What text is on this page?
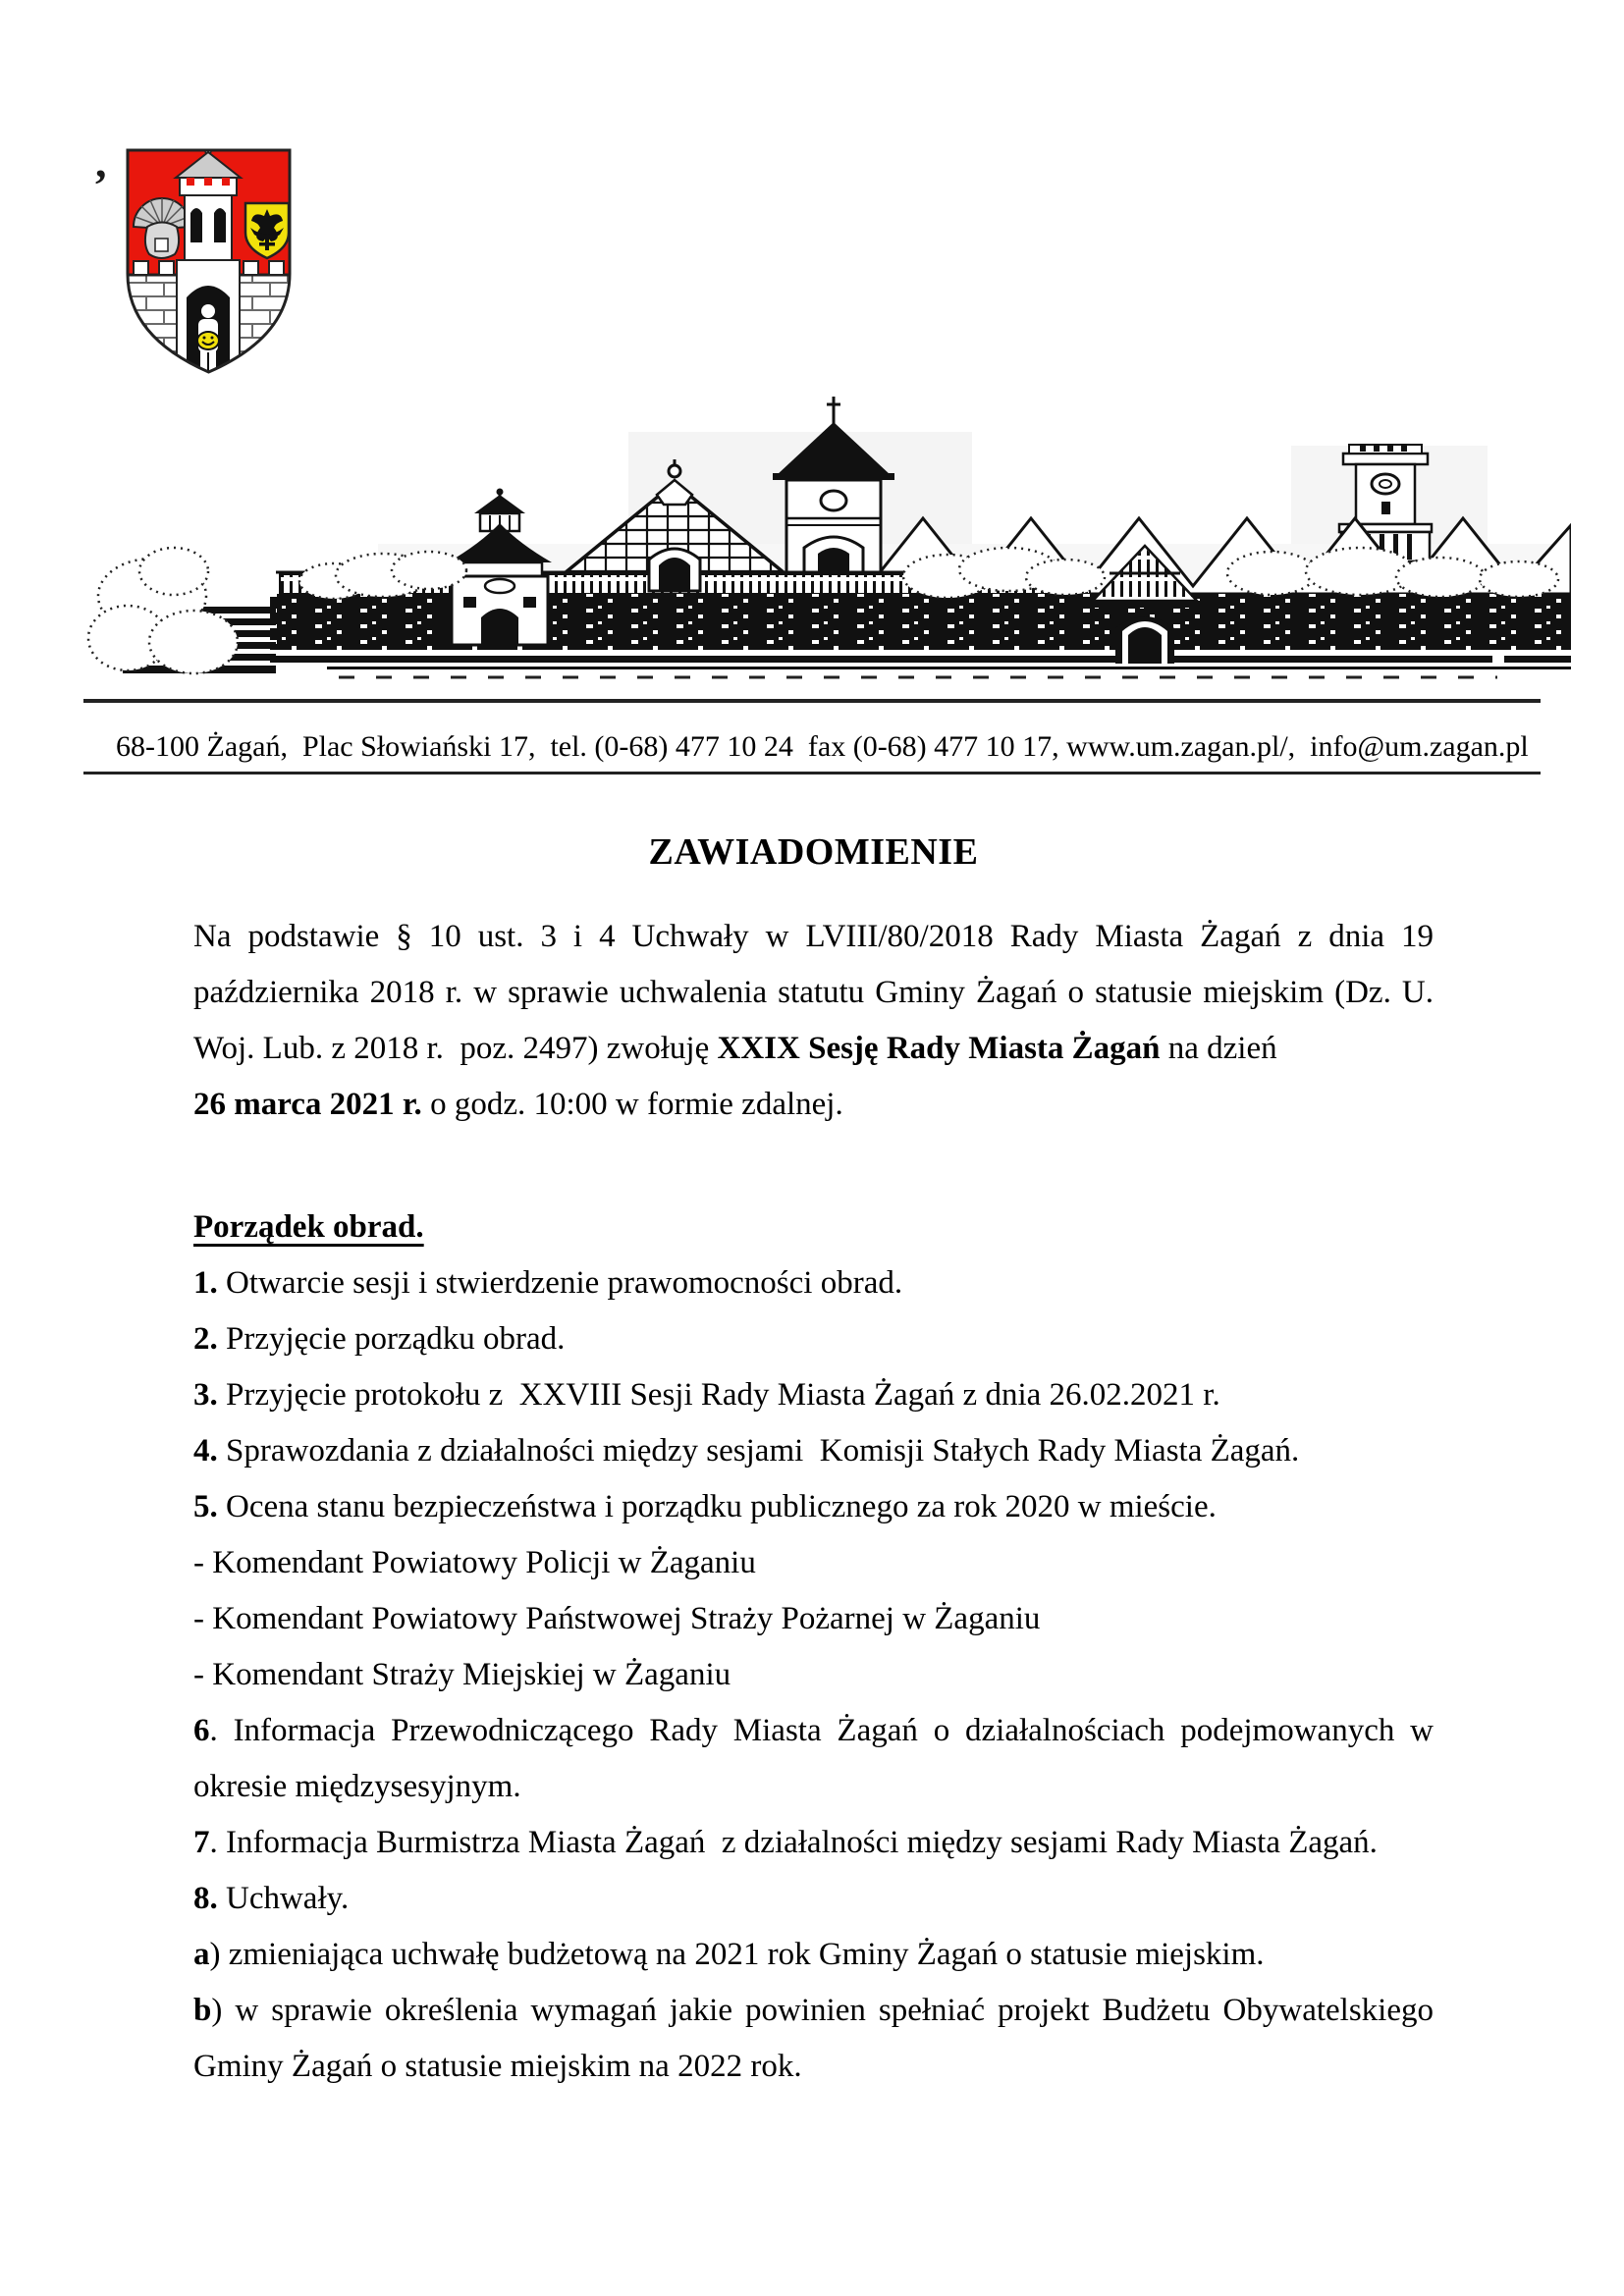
,
68-100 Żagań,  Plac Słowiański 17,  tel. (0-68) 477 10 24  fax (0-68) 477 10 17, www.um.zagan.pl/,  info@um.zagan.pl
ZAWIADOMIENIE
Na podstawie § 10 ust. 3 i 4 Uchwały w LVIII/80/2018 Rady Miasta Żagań z dnia 19
października 2018 r. w sprawie uchwalenia statutu Gminy Żagań o statusie miejskim (Dz. U.
Woj. Lub. z 2018 r.  poz. 2497) zwołuję XXIX Sesję Rady Miasta Żagań na dzień
26 marca 2021 r. o godz. 10:00 w formie zdalnej.
Porządek obrad.
1. Otwarcie sesji i stwierdzenie prawomocności obrad.
2. Przyjęcie porządku obrad.
3. Przyjęcie protokołu z  XXVIII Sesji Rady Miasta Żagań z dnia 26.02.2021 r.
4. Sprawozdania z działalności między sesjami  Komisji Stałych Rady Miasta Żagań.
5. Ocena stanu bezpieczeństwa i porządku publicznego za rok 2020 w mieście.
- Komendant Powiatowy Policji w Żaganiu
- Komendant Powiatowy Państwowej Straży Pożarnej w Żaganiu
- Komendant Straży Miejskiej w Żaganiu
6. Informacja Przewodniczącego Rady Miasta Żagań o działalnościach podejmowanych w
okresie międzysesyjnym.
7. Informacja Burmistrza Miasta Żagań  z działalności między sesjami Rady Miasta Żagań.
8. Uchwały.
a) zmieniająca uchwałę budżetową na 2021 rok Gminy Żagań o statusie miejskim.
b) w sprawie określenia wymagań jakie powinien spełniać projekt Budżetu Obywatelskiego
Gminy Żagań o statusie miejskim na 2022 rok.
